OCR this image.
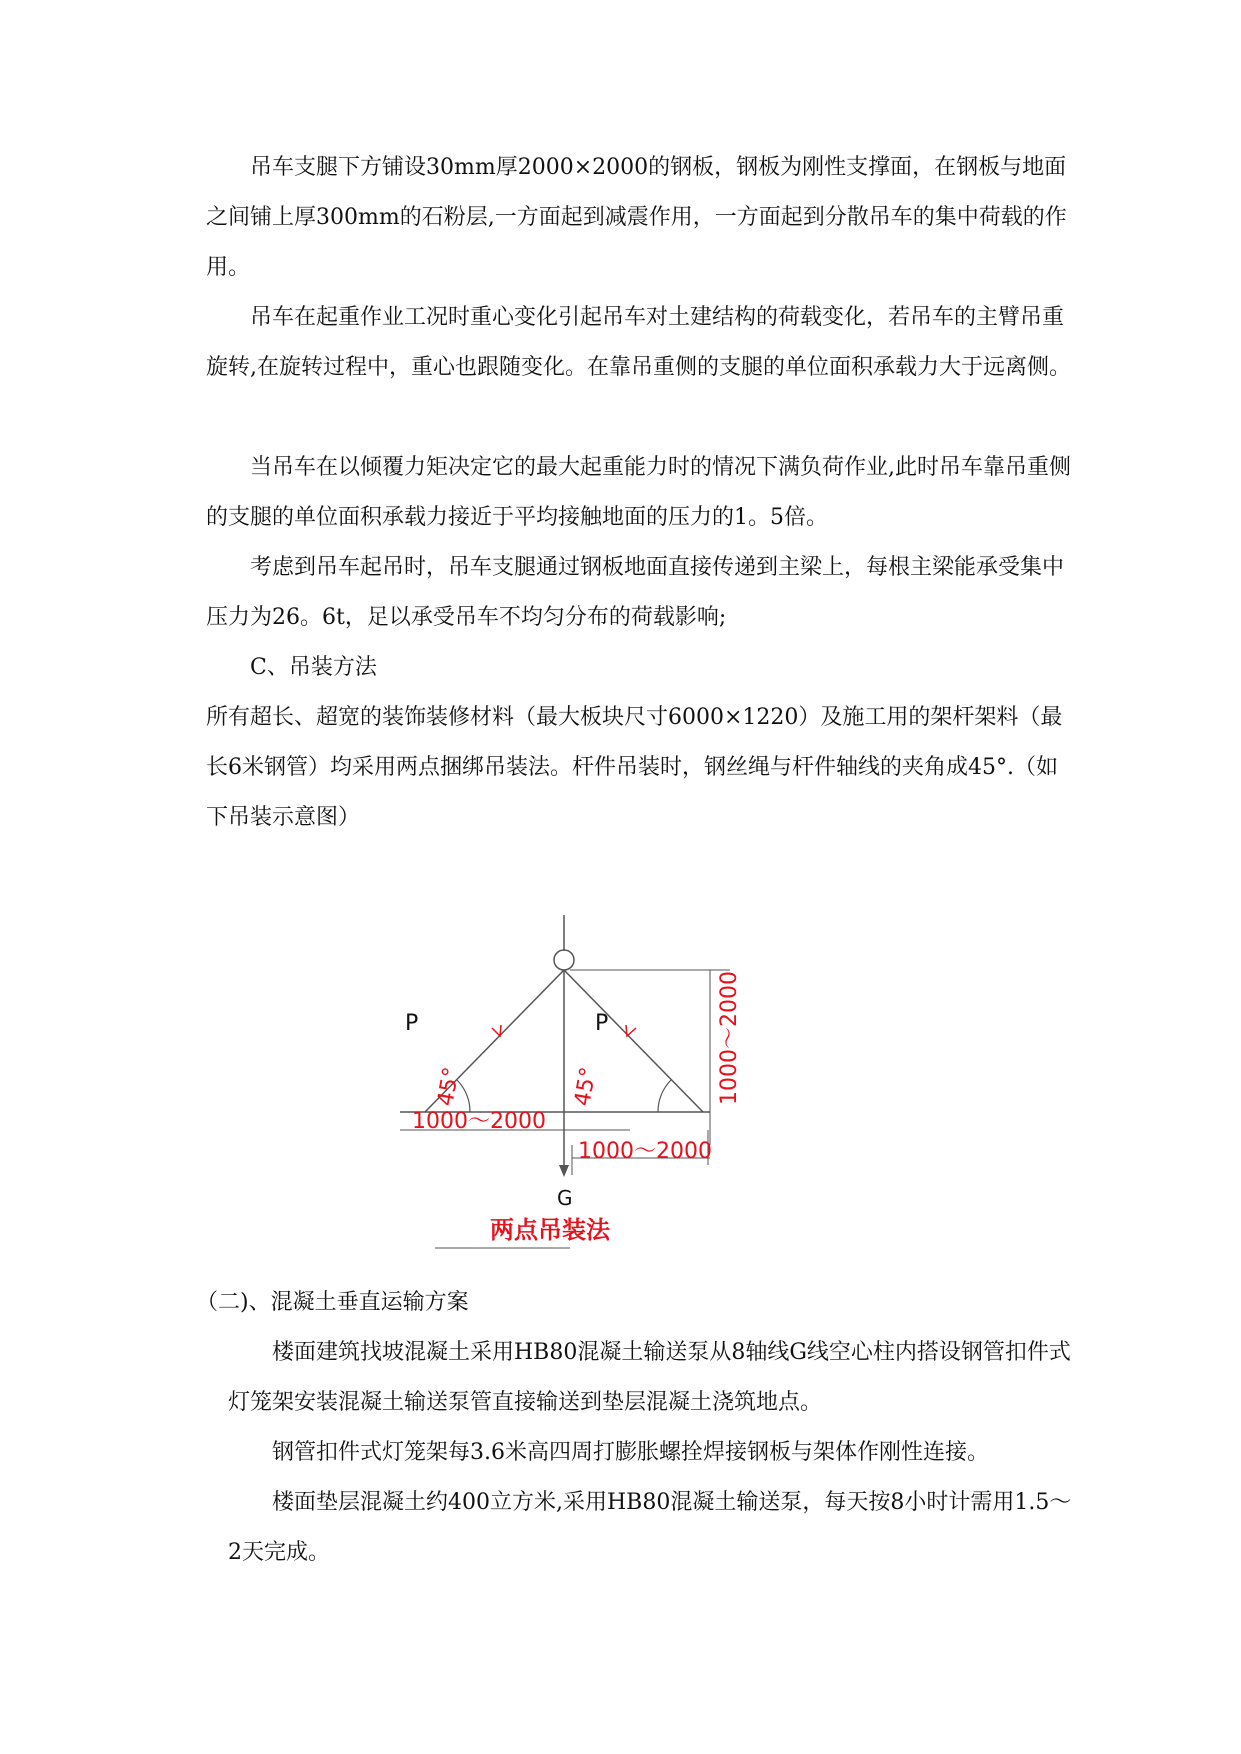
吊车支腿下方铺设30mm厚2000×2000的钢板，钢板为刚性支撑面，在钢板与地面之间铺上厚300mm的石粉层,一方面起到减震作用，一方面起到分散吊车的集中荷载的作用。

吊车在起重作业工况时重心变化引起吊车对土建结构的荷载变化，若吊车的主臂吊重旋转,在旋转过程中，重心也跟随变化。在靠吊重侧的支腿的单位面积承载力大于远离侧。

当吊车在以倾覆力矩决定它的最大起重能力时的情况下满负荷作业,此时吊车靠吊重侧的支腿的单位面积承载力接近于平均接触地面的压力的1。5倍。

考虑到吊车起吊时，吊车支腿通过钢板地面直接传递到主梁上，每根主梁能承受集中压力为26。6t，足以承受吊车不均匀分布的荷载影响;

C、吊装方法

所有超长、超宽的装饰装修材料（最大板块尺寸6000×1220）及施工用的架杆架料（最长6米钢管）均采用两点捆绑吊装法。杆件吊装时，钢丝绳与杆件轴线的夹角成45°.（如下吊装示意图）

P	P
45°	45°	1000～2000
1000～2000
1000～2000
G
两点吊装法

（二)、混凝土垂直运输方案

楼面建筑找坡混凝土采用HB80混凝土输送泵从8轴线G线空心柱内搭设钢管扣件式灯笼架安装混凝土输送泵管直接输送到垫层混凝土浇筑地点。

钢管扣件式灯笼架每3.6米高四周打膨胀螺拴焊接钢板与架体作刚性连接。

楼面垫层混凝土约400立方米,采用HB80混凝土输送泵，每天按8小时计需用1.5～2天完成。
